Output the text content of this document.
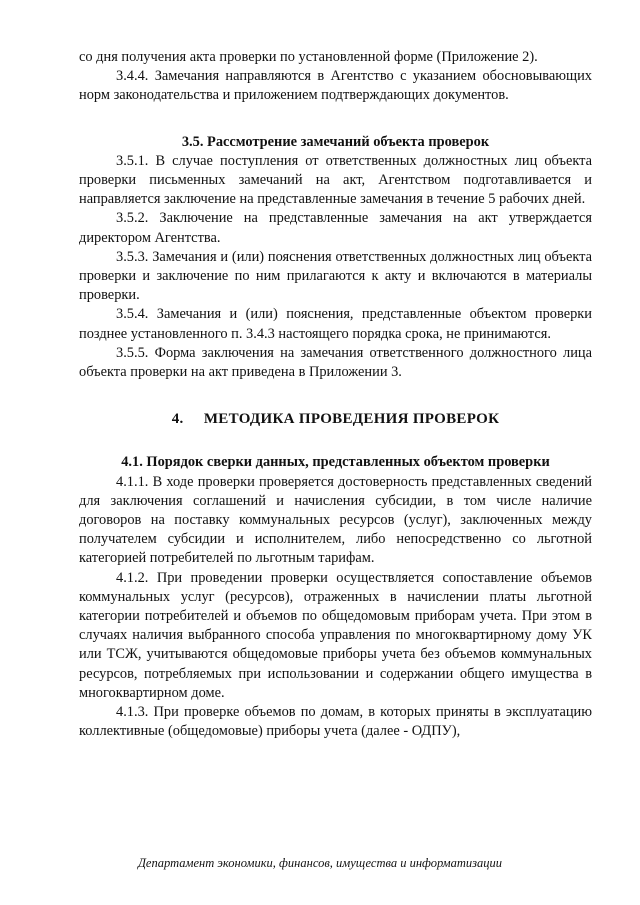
со дня получения акта проверки по установленной форме (Приложение 2).

3.4.4. Замечания направляются в Агентство с указанием обосновывающих норм законодательства и приложением подтверждающих документов.

3.5. Рассмотрение замечаний объекта проверок

3.5.1. В случае поступления от ответственных должностных лиц объекта проверки письменных замечаний на акт, Агентством подготавливается и направляется заключение на представленные замечания в течение 5 рабочих дней.

3.5.2. Заключение на представленные замечания на акт утверждается директором Агентства.

3.5.3. Замечания и (или) пояснения ответственных должностных лиц объекта проверки и заключение по ним прилагаются к акту и включаются в материалы проверки.

3.5.4. Замечания и (или) пояснения, представленные объектом проверки позднее установленного п. 3.4.3 настоящего порядка срока, не принимаются.

3.5.5. Форма заключения на замечания ответственного должностного лица объекта проверки на акт приведена в Приложении 3.

4.     МЕТОДИКА ПРОВЕДЕНИЯ ПРОВЕРОК

4.1. Порядок сверки данных, представленных объектом проверки

4.1.1. В ходе проверки проверяется достоверность представленных сведений для заключения соглашений и начисления субсидии, в том числе наличие договоров на поставку коммунальных ресурсов (услуг), заключенных между получателем субсидии и исполнителем, либо непосредственно со льготной категорией потребителей по льготным тарифам.

4.1.2. При проведении проверки осуществляется сопоставление объемов коммунальных услуг (ресурсов), отраженных в начислении платы льготной категории потребителей и объемов по общедомовым приборам учета. При этом в случаях наличия выбранного способа управления по многоквартирному дому УК или ТСЖ, учитываются общедомовые приборы учета без объемов коммунальных ресурсов, потребляемых при использовании и содержании общего имущества в многоквартирном доме.

4.1.3. При проверке объемов по домам, в которых приняты в эксплуатацию коллективные (общедомовые) приборы учета (далее - ОДПУ),

Департамент экономики, финансов, имущества и информатизации
